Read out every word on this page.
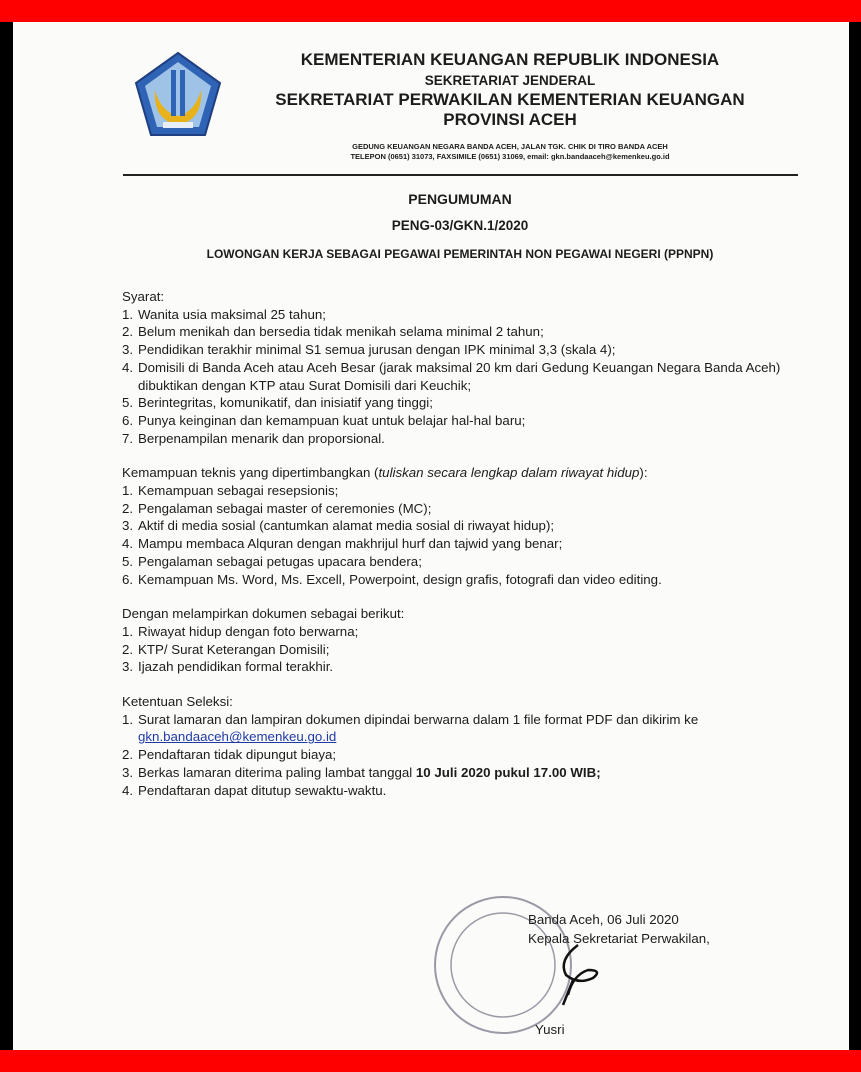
KEMENTERIAN KEUANGAN REPUBLIK INDONESIA
SEKRETARIAT JENDERAL
SEKRETARIAT PERWAKILAN KEMENTERIAN KEUANGAN
PROVINSI ACEH
GEDUNG KEUANGAN NEGARA BANDA ACEH, JALAN TGK. CHIK DI TIRO BANDA ACEH
TELEPON (0651) 31073, FAXSIMILE (0651) 31069, email: gkn.bandaaceh@kemenkeu.go.id
PENGUMUMAN
PENG-03/GKN.1/2020
LOWONGAN KERJA SEBAGAI PEGAWAI PEMERINTAH NON PEGAWAI NEGERI (PPNPN)
Syarat:
1. Wanita usia maksimal 25 tahun;
2. Belum menikah dan bersedia tidak menikah selama minimal 2 tahun;
3. Pendidikan terakhir minimal S1 semua jurusan dengan IPK minimal 3,3 (skala 4);
4. Domisili di Banda Aceh atau Aceh Besar (jarak maksimal 20 km dari Gedung Keuangan Negara Banda Aceh) dibuktikan dengan KTP atau Surat Domisili dari Keuchik;
5. Berintegritas, komunikatif, dan inisiatif yang tinggi;
6. Punya keinginan dan kemampuan kuat untuk belajar hal-hal baru;
7. Berpenampilan menarik dan proporsional.
Kemampuan teknis yang dipertimbangkan (tuliskan secara lengkap dalam riwayat hidup):
1. Kemampuan sebagai resepsionis;
2. Pengalaman sebagai master of ceremonies (MC);
3. Aktif di media sosial (cantumkan alamat media sosial di riwayat hidup);
4. Mampu membaca Alquran dengan makhrijul hurf dan tajwid yang benar;
5. Pengalaman sebagai petugas upacara bendera;
6. Kemampuan Ms. Word, Ms. Excell, Powerpoint, design grafis, fotografi dan video editing.
Dengan melampirkan dokumen sebagai berikut:
1. Riwayat hidup dengan foto berwarna;
2. KTP/ Surat Keterangan Domisili;
3. Ijazah pendidikan formal terakhir.
Ketentuan Seleksi:
1. Surat lamaran dan lampiran dokumen dipindai berwarna dalam 1 file format PDF dan dikirim ke gkn.bandaaceh@kemenkeu.go.id
2. Pendaftaran tidak dipungut biaya;
3. Berkas lamaran diterima paling lambat tanggal 10 Juli 2020 pukul 17.00 WIB;
4. Pendaftaran dapat ditutup sewaktu-waktu.
Banda Aceh, 06 Juli 2020
Kepala Sekretariat Perwakilan,
Yusri
